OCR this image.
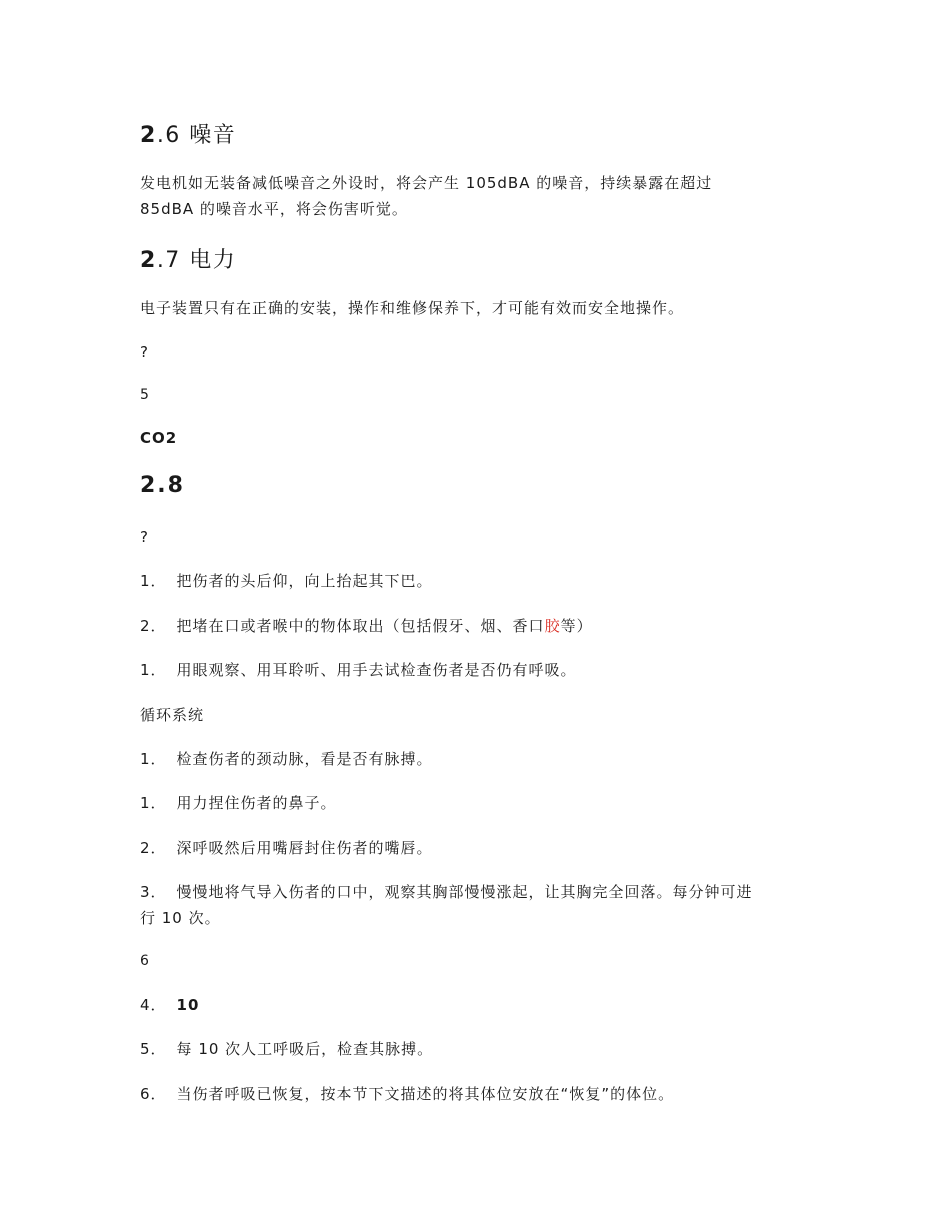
2.6 噪音

发电机如无装备减低噪音之外设时，将会产生 105dBA 的噪音，持续暴露在超过

85dBA 的噪音水平，将会伤害听觉。

2.7 电力

电子装置只有在正确的安装，操作和维修保养下，才可能有效而安全地操作。

?

5

CO2

2.8

?

1． 把伤者的头后仰，向上抬起其下巴。

2． 把堵在口或者喉中的物体取出（包括假牙、烟、香口胶等）

1． 用眼观察、用耳聆听、用手去试检查伤者是否仍有呼吸。

循环系统

1． 检查伤者的颈动脉，看是否有脉搏。

1． 用力捏住伤者的鼻子。

2． 深呼吸然后用嘴唇封住伤者的嘴唇。

3． 慢慢地将气导入伤者的口中，观察其胸部慢慢涨起，让其胸完全回落。每分钟可进

行 10 次。

6

4． 10

5． 每 10 次人工呼吸后，检查其脉搏。

6． 当伤者呼吸已恢复，按本节下文描述的将其体位安放在“恢复”的体位。
